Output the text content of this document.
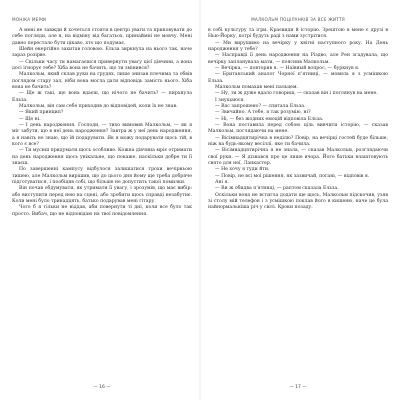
МОНІКА МЕРФІ

А мені не завжди й хочеться стояти в центрі уваги та приковувати до себе погляди, але я, на відміну від багатьох, принаймні не мовчу. Мені давно перестало бути цікаво, хто що подумає.

Шейн енергійно захитав головою. Ельза зиркнула на нього так, наче зараз розірве.

— Скільки часу ти намагаєшся привернути увагу цієї дівчини, а вона досі ігнорує тебе? Хіба вона не бачить, що ти змінився?

Малкольм, який склав руки на грудях, лише знизав плечима та обвів поглядом стару зал, ніби вона могла дати відповідь замість нього. Хіба вона не бачить?

— Ще ж такі, що вона вдаєш, що нічого не бачить? — пирхнула Ельза.

Малкольм, він сам себе приходив до відповідей, коли їх не знав.

— Який принцип?

— Ще ні.

— І день народження. Господи, — тихо вимовив Малкольм, — як я міг забути, що в неї день народження? Завтра ж у неї день народження, а я навіть не знаю, що їй подарувати. Як я можу подарувати щось тій, в кого є все?

— Ти мусиш придумати щось особливе. Кожна дівчина мріє отримати на день народження щось унікальне, що покаже, наскільки добре ти її знаєш.

По завершенні кампусу відбулося залишатися трохи вечірньою тишею, але Малкольм вирішив, що до цього дня йому ще треба добряче підготуватися, і пообіцяв собі, що більше не допустить такої помилки.

Він почав обдумувати, як утримати її увагу, і зрозумів, що має вибір: або виступити перед нею на сцені, або зробити щось справді незабутнє. Коли мені було тринадцять, батько подарував мені гітару.

Чого б я тільки не віддав, аби повернути ті дні, коли все було так просто. Вибач, що не відповідаю на твої повідомлення.

— 16 —
МАЛКОЛЬМ ПОЦІЛУНКІВ ЗА ВСЕ ЖИТТЯ

в собі культуру та ігри. Краєвиди й історію. Зрештою в мене є друзі в Нью-Йорку, котрі будуть раді з нами зустрітися.

— Ми вирушимо на вечірку у квітні наступного року. На День народження у тебе?

— Насправді її день народження на Різдво, але Рен згадувала, що вечірку запланувала мати, — пояснив Малкольм.

— Вечірка, — повторив я. — Наївный вопрос, — буркнув я.

— Британський аналог Чорної п’ятниці, — мовила я з усмішкою Ельза.

Малкольм помахав мені пальцем.

— Ну, ти ж дуже вдало говориш, — сказав він і поглянув на мене.

І знущаюся.

— Вас запрошено? — спитала Ельза.

— Звичайно. А тебе, я так розумію, ні?

— Ні, — без жодних емоцій відповіла Ельза.

— Вона поставила перед собою ціль вивчити історію, — сказав Малкольм, поглядаючи на мене.

— Вісімнадцятирічна в неділю? Повір, на вечірці гостей буде більше, ніж на будь-якому весіллі, яке ти бачила.

— Вісімнадцятирічна я не знала, — сказав Малкольм, розглядаючи свої руки. — Я дізнався про це лише вчора. Його батьки влаштовують свято для неї, Ланкастер.

— Не хочу я туди йти.

— Повір, не всі мої рішення, як зазвичай, погані, — відповів я.

Ані я.

— Ви ж обидва п’ятниці, — раптом сказала Ельза.

Оскільки вона не встигла додати ще щось, Малкольм підскочив, узяв зі столу мій телефон і з усмішкою поклав його в кишеню, наче це була найнормальніша річ у світі. Кроки позаду.

— 17 —
